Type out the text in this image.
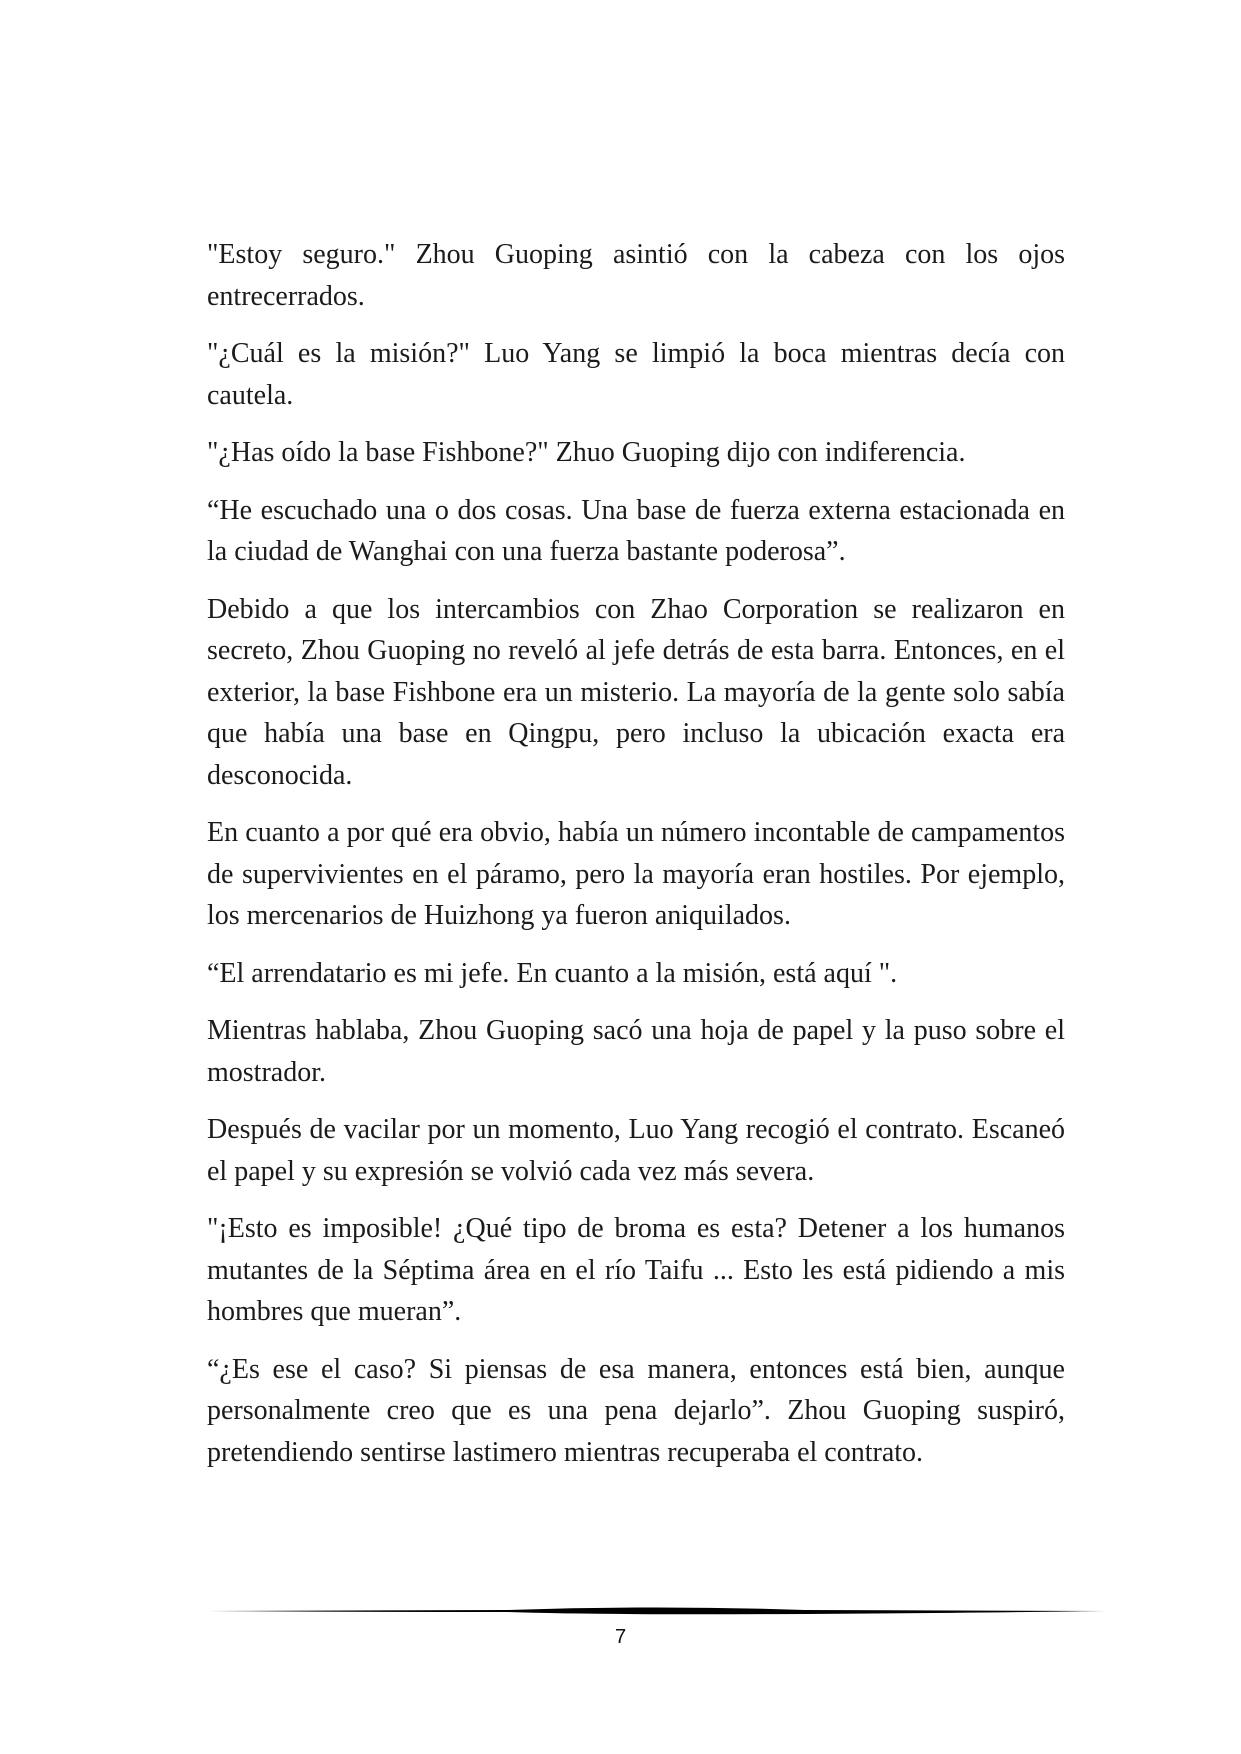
"Estoy seguro." Zhou Guoping asintió con la cabeza con los ojos entrecerrados.

"¿Cuál es la misión?" Luo Yang se limpió la boca mientras decía con cautela.

"¿Has oído la base Fishbone?" Zhuo Guoping dijo con indiferencia.

“He escuchado una o dos cosas. Una base de fuerza externa estacionada en la ciudad de Wanghai con una fuerza bastante poderosa”.

Debido a que los intercambios con Zhao Corporation se realizaron en secreto, Zhou Guoping no reveló al jefe detrás de esta barra. Entonces, en el exterior, la base Fishbone era un misterio. La mayoría de la gente solo sabía que había una base en Qingpu, pero incluso la ubicación exacta era desconocida.

En cuanto a por qué era obvio, había un número incontable de campamentos de supervivientes en el páramo, pero la mayoría eran hostiles. Por ejemplo, los mercenarios de Huizhong ya fueron aniquilados.

“El arrendatario es mi jefe. En cuanto a la misión, está aquí ".

Mientras hablaba, Zhou Guoping sacó una hoja de papel y la puso sobre el mostrador.

Después de vacilar por un momento, Luo Yang recogió el contrato. Escaneó el papel y su expresión se volvió cada vez más severa.

"¡Esto es imposible! ¿Qué tipo de broma es esta? Detener a los humanos mutantes de la Séptima área en el río Taifu ... Esto les está pidiendo a mis hombres que mueran”.

“¿Es ese el caso? Si piensas de esa manera, entonces está bien, aunque personalmente creo que es una pena dejarlo”. Zhou Guoping suspiró, pretendiendo sentirse lastimero mientras recuperaba el contrato.

7
